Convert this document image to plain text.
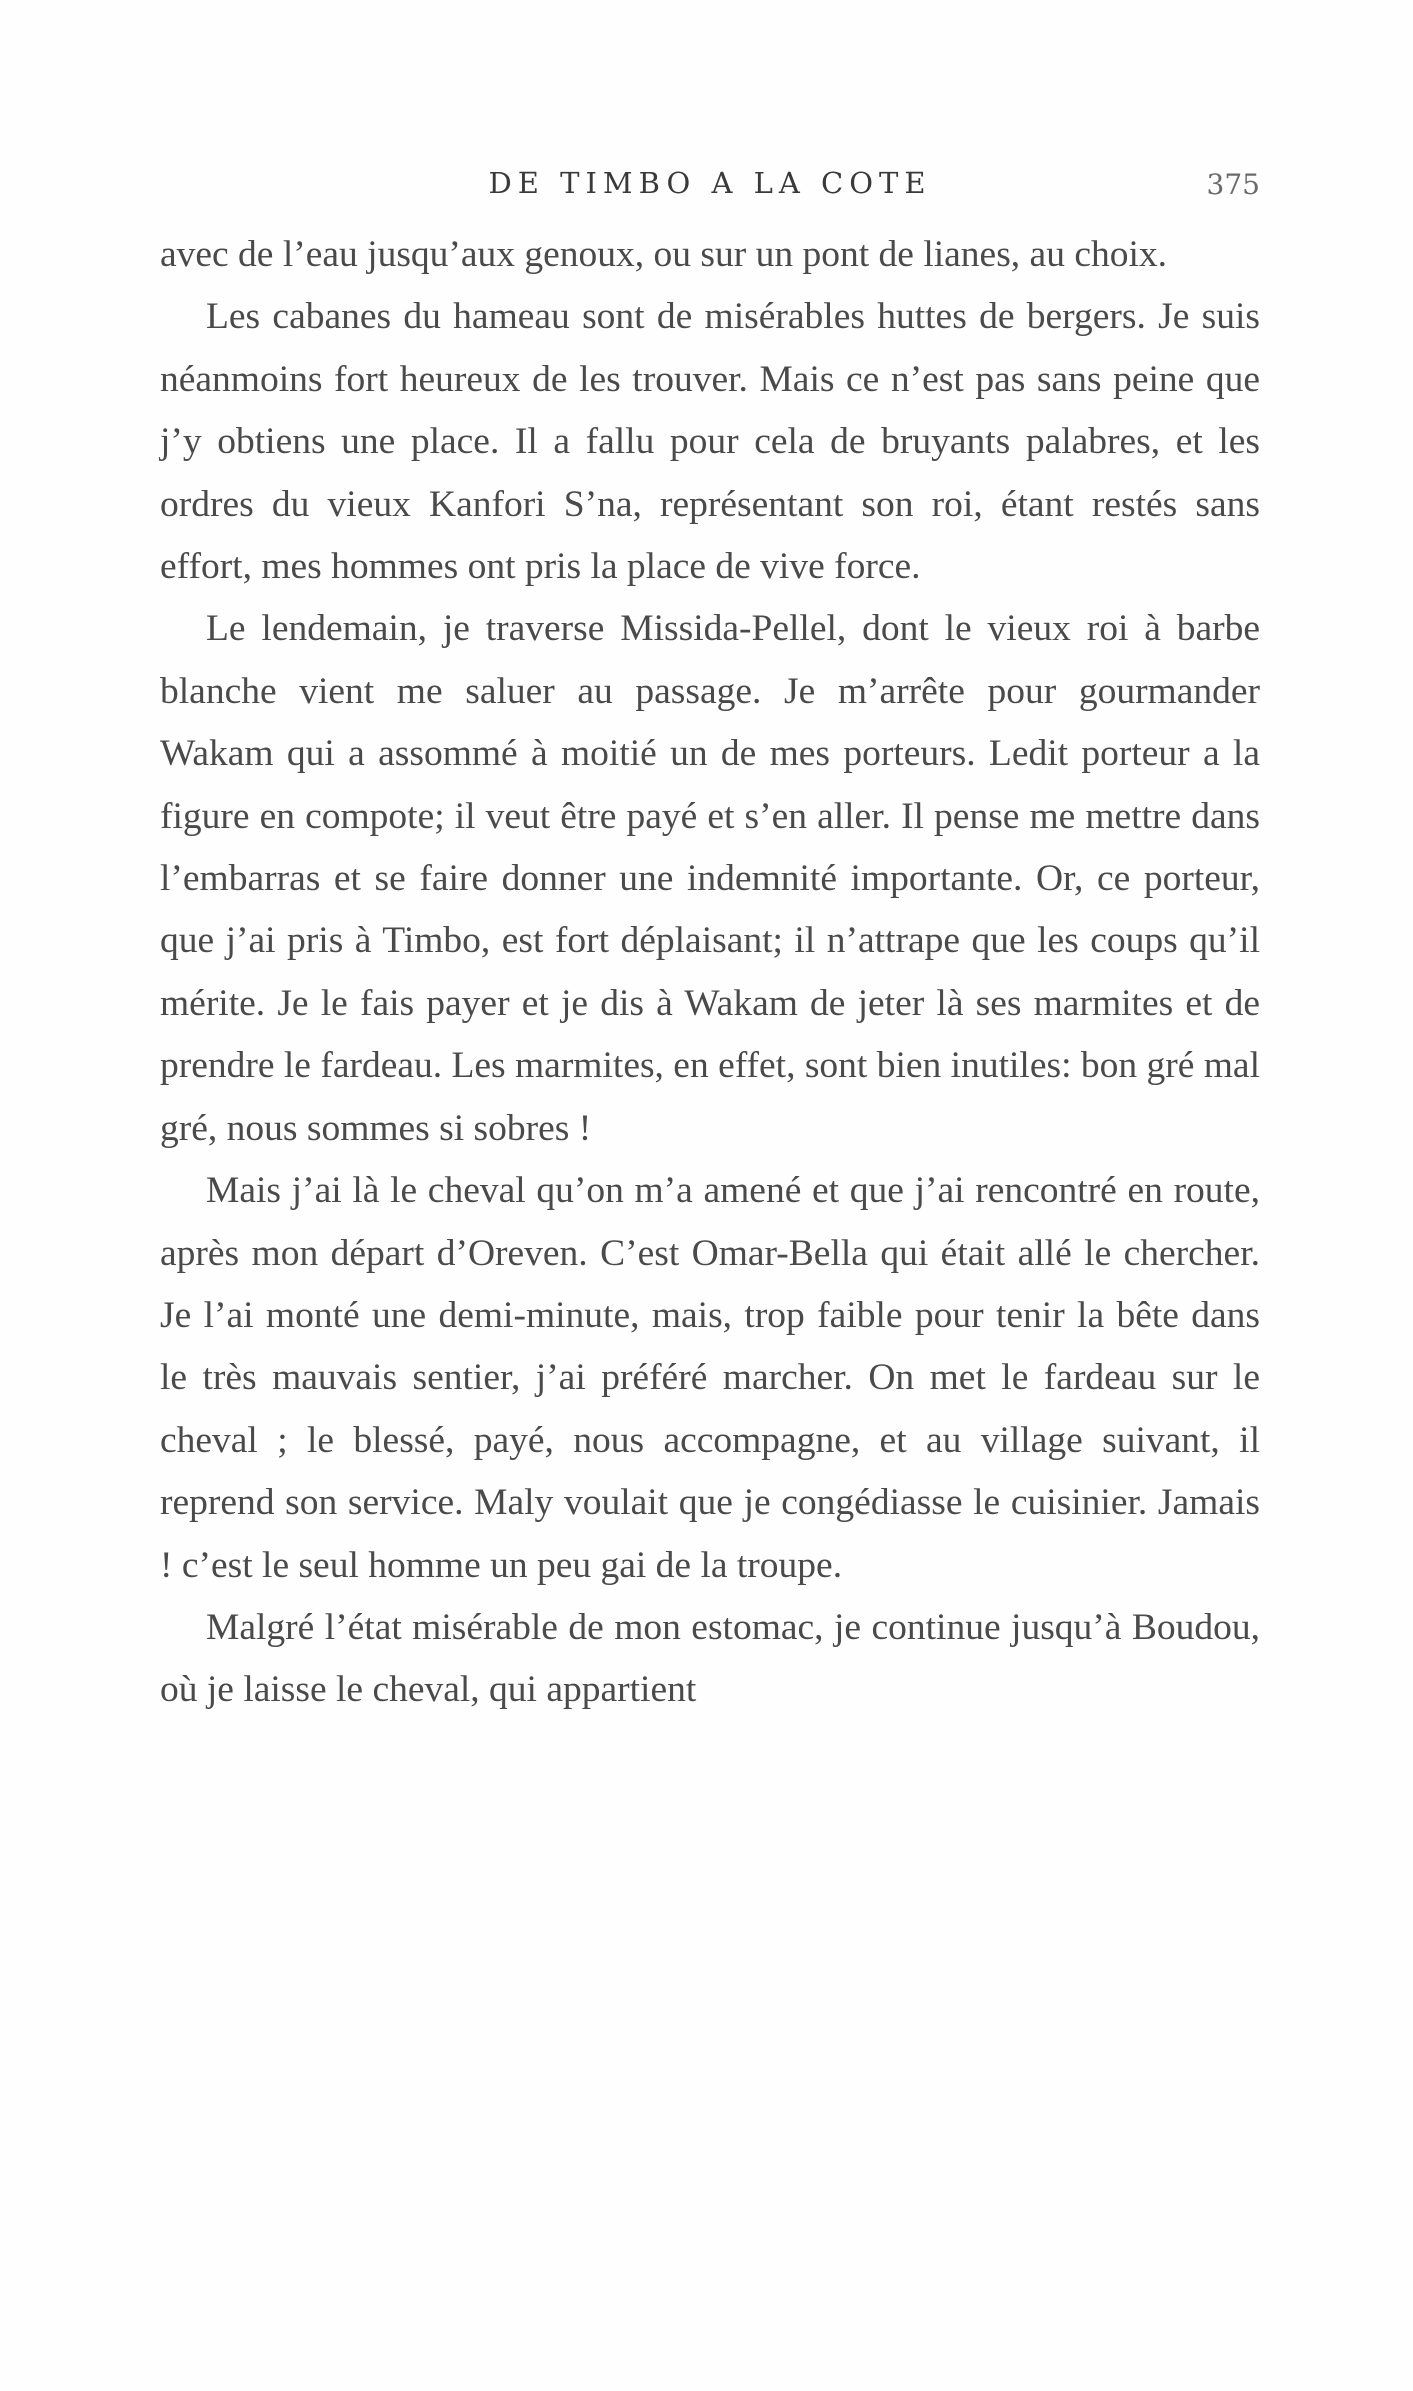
DE TIMBO A LA COTE	375

avec de l’eau jusqu’aux genoux, ou sur un pont de lianes, au choix.

Les cabanes du hameau sont de misérables huttes de bergers. Je suis néanmoins fort heureux de les trouver. Mais ce n’est pas sans peine que j’y obtiens une place. Il a fallu pour cela de bruyants palabres, et les ordres du vieux Kanfori S’na, représentant son roi, étant restés sans effort, mes hommes ont pris la place de vive force.

Le lendemain, je traverse Missida-Pellel, dont le vieux roi à barbe blanche vient me saluer au passage. Je m’arrête pour gourmander Wakam qui a assommé à moitié un de mes porteurs. Ledit porteur a la figure en compote; il veut être payé et s’en aller. Il pense me mettre dans l’embarras et se faire donner une indemnité importante. Or, ce porteur, que j’ai pris à Timbo, est fort déplaisant; il n’attrape que les coups qu’il mérite. Je le fais payer et je dis à Wakam de jeter là ses marmites et de prendre le fardeau. Les marmites, en effet, sont bien inutiles: bon gré mal gré, nous sommes si sobres !

Mais j’ai là le cheval qu’on m’a amené et que j’ai rencontré en route, après mon départ d’Oreven. C’est Omar-Bella qui était allé le chercher. Je l’ai monté une demi-minute, mais, trop faible pour tenir la bête dans le très mauvais sentier, j’ai préféré marcher. On met le fardeau sur le cheval ; le blessé, payé, nous accompagne, et au village suivant, il reprend son service. Maly voulait que je congédiasse le cuisinier. Jamais ! c’est le seul homme un peu gai de la troupe.

Malgré l’état misérable de mon estomac, je continue jusqu’à Boudou, où je laisse le cheval, qui appartient
